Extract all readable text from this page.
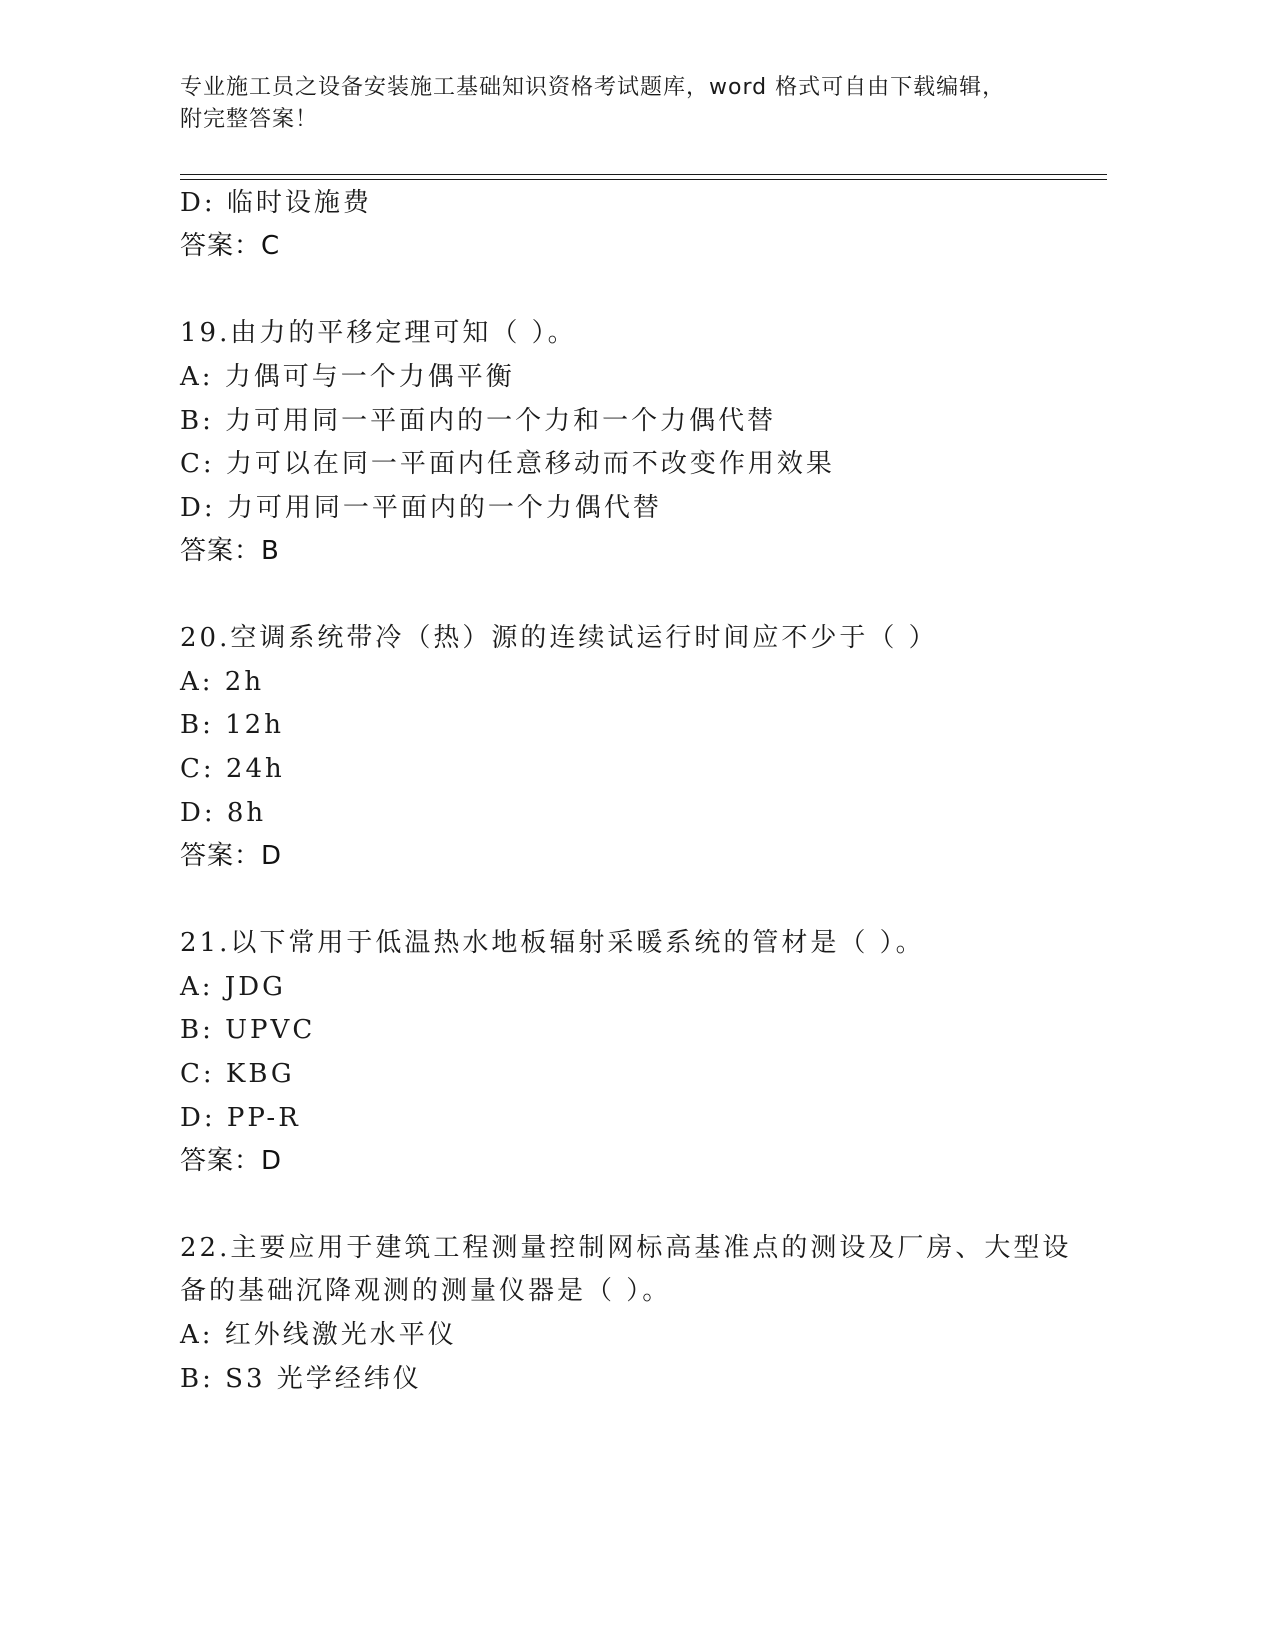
专业施工员之设备安装施工基础知识资格考试题库，word 格式可自由下载编辑，
附完整答案！
D: 临时设施费
答案：C
19.由力的平移定理可知（ ）。
A: 力偶可与一个力偶平衡
B: 力可用同一平面内的一个力和一个力偶代替
C: 力可以在同一平面内任意移动而不改变作用效果
D: 力可用同一平面内的一个力偶代替
答案：B
20.空调系统带冷（热）源的连续试运行时间应不少于（ ）
A: 2h
B: 12h
C: 24h
D: 8h
答案：D
21.以下常用于低温热水地板辐射采暖系统的管材是（ ）。
A: JDG
B: UPVC
C: KBG
D: PP-R
答案：D
22.主要应用于建筑工程测量控制网标高基准点的测设及厂房、大型设
备的基础沉降观测的测量仪器是（ ）。
A: 红外线激光水平仪
B: S3 光学经纬仪
